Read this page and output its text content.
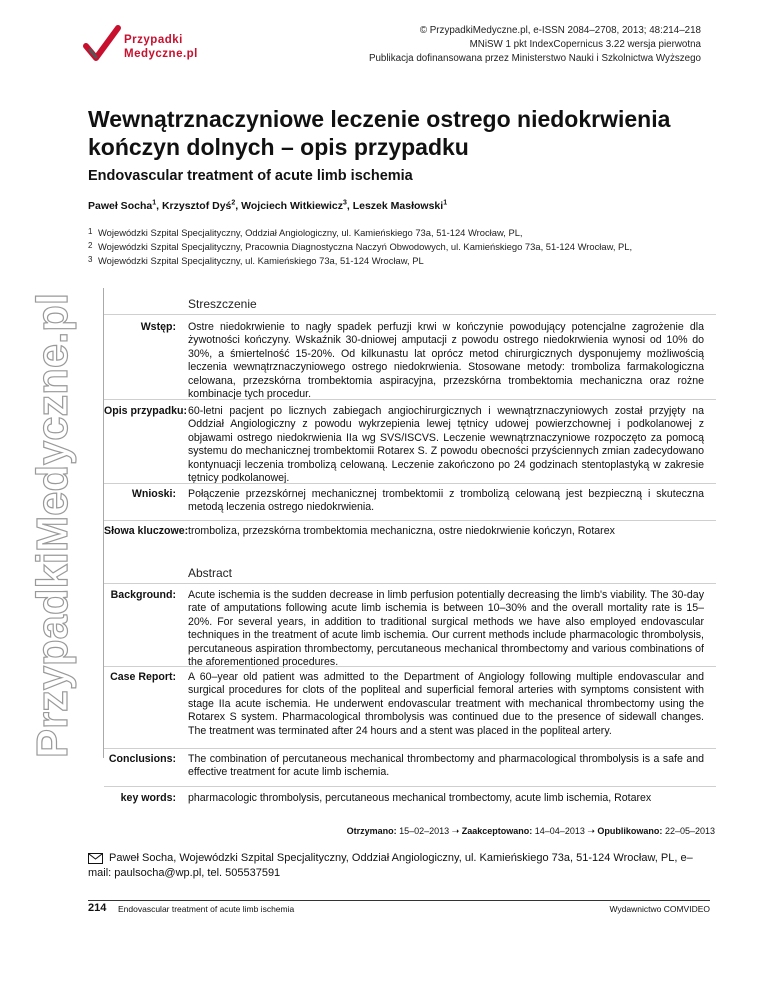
Przypadki
Medyczne.pl
© PrzypadkiMedyczne.pl, e-ISSN 2084–2708, 2013; 48:214–218
MNiSW 1 pkt IndexCopernicus 3.22 wersja pierwotna
Publikacja dofinansowana przez Ministerstwo Nauki i Szkolnictwa Wyższego
Wewnątrznaczyniowe leczenie ostrego niedokrwienia kończyn dolnych – opis przypadku
Endovascular treatment of acute limb ischemia
Paweł Socha$^1$, Krzysztof Dyś$^2$, Wojciech Witkiewicz$^3$, Leszek Masłowski$^1$
1 Wojewódzki Szpital Specjalityczny, Oddział Angiologiczny, ul. Kamieńskiego 73a, 51-124 Wrocław, PL,
2 Wojewódzki Szpital Specjalityczny, Pracownia Diagnostyczna Naczyń Obwodowych, ul. Kamieńskiego 73a, 51-124 Wrocław, PL,
3 Wojewódzki Szpital Specjalityczny, ul. Kamieńskiego 73a, 51-124 Wrocław, PL
PrzypadkiMedyczne.pl	Streszczenie
Wstęp: Ostre niedokrwienie to nagły spadek perfuzji krwi w kończynie powodujący potencjalne zagrożenie dla żywotności kończyny. Wskaźnik 30-dniowej amputacji z powodu ostrego niedokrwienia wynosi od 10% do 30%, a śmiertelność 15-20%. Od kilkunastu lat oprócz metod chirurgicznych dysponujemy możliwością leczenia wewnątrznaczyniowego ostrego niedokrwienia. Stosowane metody: tromboliza farmakologiczna celowana, przezskórna trombektomia aspiracyjna, przezskórna trombektomia mechaniczna oraz rożne kombinacje tych procedur.
Opis przypadku: 60-letni pacjent po licznych zabiegach angiochirurgicznych i wewnątrznaczyniowych został przyjęty na Oddział Angiologiczny z powodu wykrzepienia lewej tętnicy udowej powierzchownej i podkolanowej z objawami ostrego niedokrwienia IIa wg SVS/ISCVS. Leczenie wewnątrznaczyniowe rozpoczęto za pomocą systemu do mechanicznej trombektomii Rotarex S. Z powodu obecności przyściennych zmian zadecydowano kontynuacji leczenia trombolizą celowaną. Leczenie zakończono po 24 godzinach stentoplastyką w zakresie tętnicy podkolanowej.
Wnioski: Połączenie przezskórnej mechanicznej trombektomii z trombolizą celowaną jest bezpieczną i skuteczna metodą leczenia ostrego niedokrwienia.
Słowa kluczowe: tromboliza, przezskórna trombektomia mechaniczna, ostre niedokrwienie kończyn, Rotarex
Abstract
Background: Acute ischemia is the sudden decrease in limb perfusion potentially decreasing the limb's viability. The 30-day rate of amputations following acute limb ischemia is between 10–30% and the overall mortality rate is 15–20%. For several years, in addition to traditional surgical methods we have also employed endovascular techniques in the treatment of acute limb ischemia. Our current methods include pharmacologic thrombolysis, percutaneous aspiration thrombectomy, percutaneous mechanical thrombectomy and various combinations of the aforementioned procedures.
Case Report: A 60–year old patient was admitted to the Department of Angiology following multiple endovascular and surgical procedures for clots of the popliteal and superficial femoral arteries with symptoms consistent with stage IIa acute ischemia. He underwent endovascular treatment with mechanical thrombectomy using the Rotarex S system. Pharmacological thrombolysis was continued due to the presence of sidewall changes. The treatment was terminated after 24 hours and a stent was placed in the popliteal artery.
Conclusions: The combination of percutaneous mechanical thrombectomy and pharmacological thrombolysis is a safe and effective treatment for acute limb ischemia.
key words: pharmacologic thrombolysis, percutaneous mechanical trombectomy, acute limb ischemia, Rotarex
Otrzymano: 15–02–2013 ➝ Zaakceptowano: 14–04–2013 ➝ Opublikowano: 22–05–2013
Paweł Socha, Wojewódzki Szpital Specjalityczny, Oddział Angiologiczny, ul. Kamieńskiego 73a, 51-124 Wrocław, PL, e–mail: paulsocha@wp.pl, tel. 505537591
214 Endovascular treatment of acute limb ischemia	Wydawnictwo COMVIDEO
